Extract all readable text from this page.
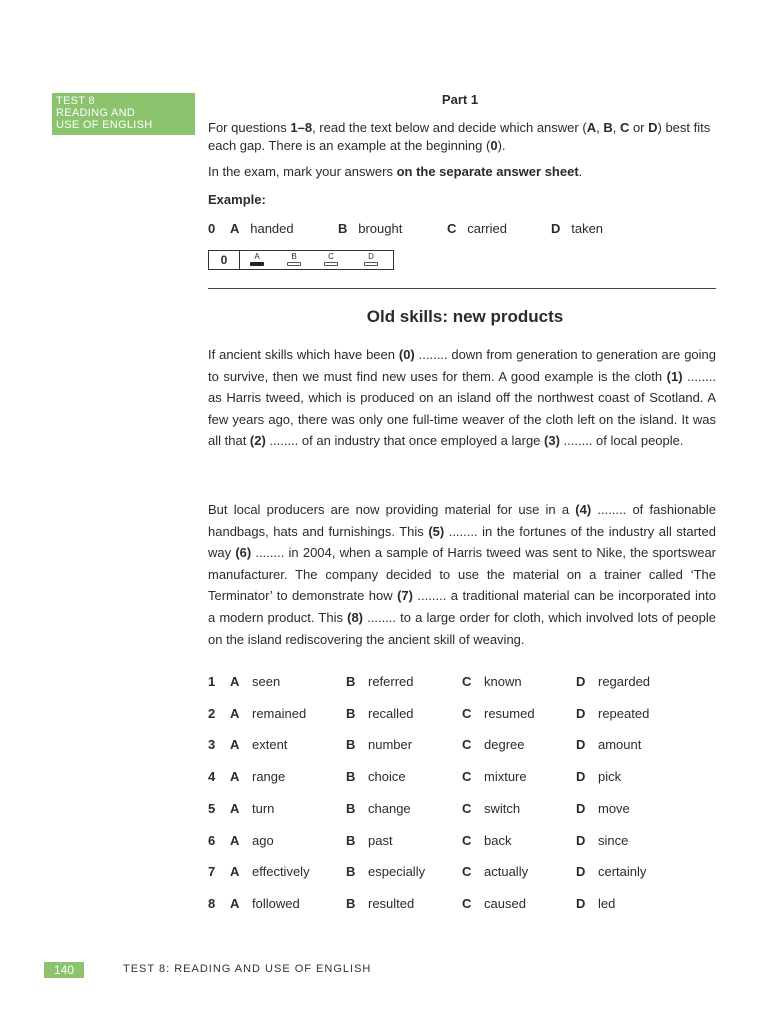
TEST 8
READING AND
USE OF ENGLISH
Part 1
For questions 1–8, read the text below and decide which answer (A, B, C or D) best fits each gap. There is an example at the beginning (0).
In the exam, mark your answers on the separate answer sheet.
Example:
0 A handed	B brought	C carried	D taken
0	A	B	C	D
Old skills: new products
If ancient skills which have been (0) ........ down from generation to generation are going to survive, then we must find new uses for them. A good example is the cloth (1) ........ as Harris tweed, which is produced on an island off the northwest coast of Scotland. A few years ago, there was only one full-time weaver of the cloth left on the island. It was all that (2) ........ of an industry that once employed a large (3) ........ of local people.
But local producers are now providing material for use in a (4) ........ of fashionable handbags, hats and furnishings. This (5) ........ in the fortunes of the industry all started way (6) ........ in 2004, when a sample of Harris tweed was sent to Nike, the sportswear manufacturer. The company decided to use the material on a trainer called ‘The Terminator’ to demonstrate how (7) ........ a traditional material can be incorporated into a modern product. This (8) ........ to a large order for cloth, which involved lots of people on the island rediscovering the ancient skill of weaving.
1 A seen	B referred	C known	D regarded
2 A remained	B recalled	C resumed	D repeated
3 A extent	B number	C degree	D amount
4 A range	B choice	C mixture	D pick
5 A turn	B change	C switch	D move
6 A ago	B past	C back	D since
7 A effectively	B especially	C actually	D certainly
8 A followed	B resulted	C caused	D led
140	TEST 8: READING AND USE OF ENGLISH
